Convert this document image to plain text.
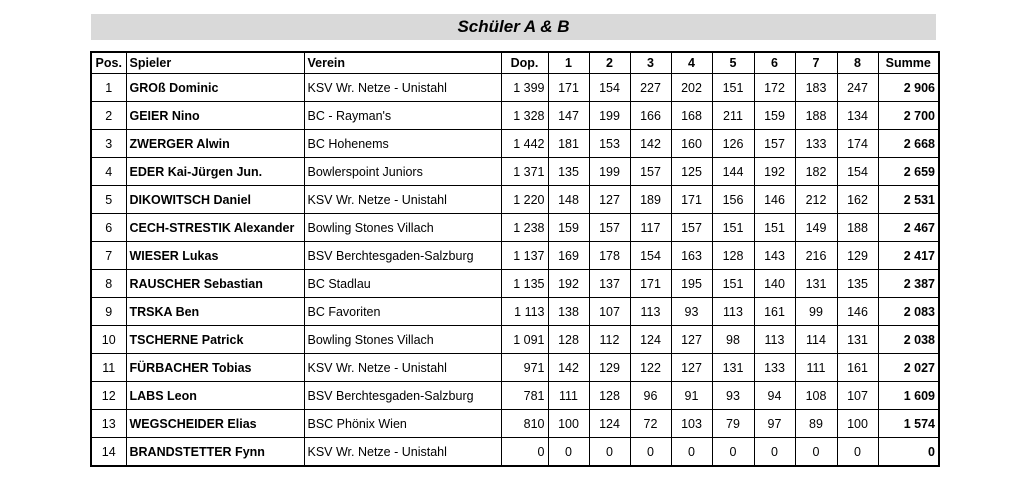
Schüler A & B
Pos.	Spieler	Verein	Dop.	1	2	3	4	5	6	7	8	Summe
1	GROß Dominic	KSV Wr. Netze - Unistahl	1 399	171	154	227	202	151	172	183	247	2 906
2	GEIER Nino	BC - Rayman's	1 328	147	199	166	168	211	159	188	134	2 700
3	ZWERGER Alwin	BC Hohenems	1 442	181	153	142	160	126	157	133	174	2 668
4	EDER Kai-Jürgen Jun.	Bowlerspoint Juniors	1 371	135	199	157	125	144	192	182	154	2 659
5	DIKOWITSCH Daniel	KSV Wr. Netze - Unistahl	1 220	148	127	189	171	156	146	212	162	2 531
6	CECH-STRESTIK Alexander	Bowling Stones Villach	1 238	159	157	117	157	151	151	149	188	2 467
7	WIESER Lukas	BSV Berchtesgaden-Salzburg	1 137	169	178	154	163	128	143	216	129	2 417
8	RAUSCHER Sebastian	BC Stadlau	1 135	192	137	171	195	151	140	131	135	2 387
9	TRSKA Ben	BC Favoriten	1 113	138	107	113	93	113	161	99	146	2 083
10	TSCHERNE Patrick	Bowling Stones Villach	1 091	128	112	124	127	98	113	114	131	2 038
11	FÜRBACHER Tobias	KSV Wr. Netze - Unistahl	971	142	129	122	127	131	133	111	161	2 027
12	LABS Leon	BSV Berchtesgaden-Salzburg	781	111	128	96	91	93	94	108	107	1 609
13	WEGSCHEIDER Elias	BSC Phönix Wien	810	100	124	72	103	79	97	89	100	1 574
14	BRANDSTETTER Fynn	KSV Wr. Netze - Unistahl	0	0	0	0	0	0	0	0	0	0
